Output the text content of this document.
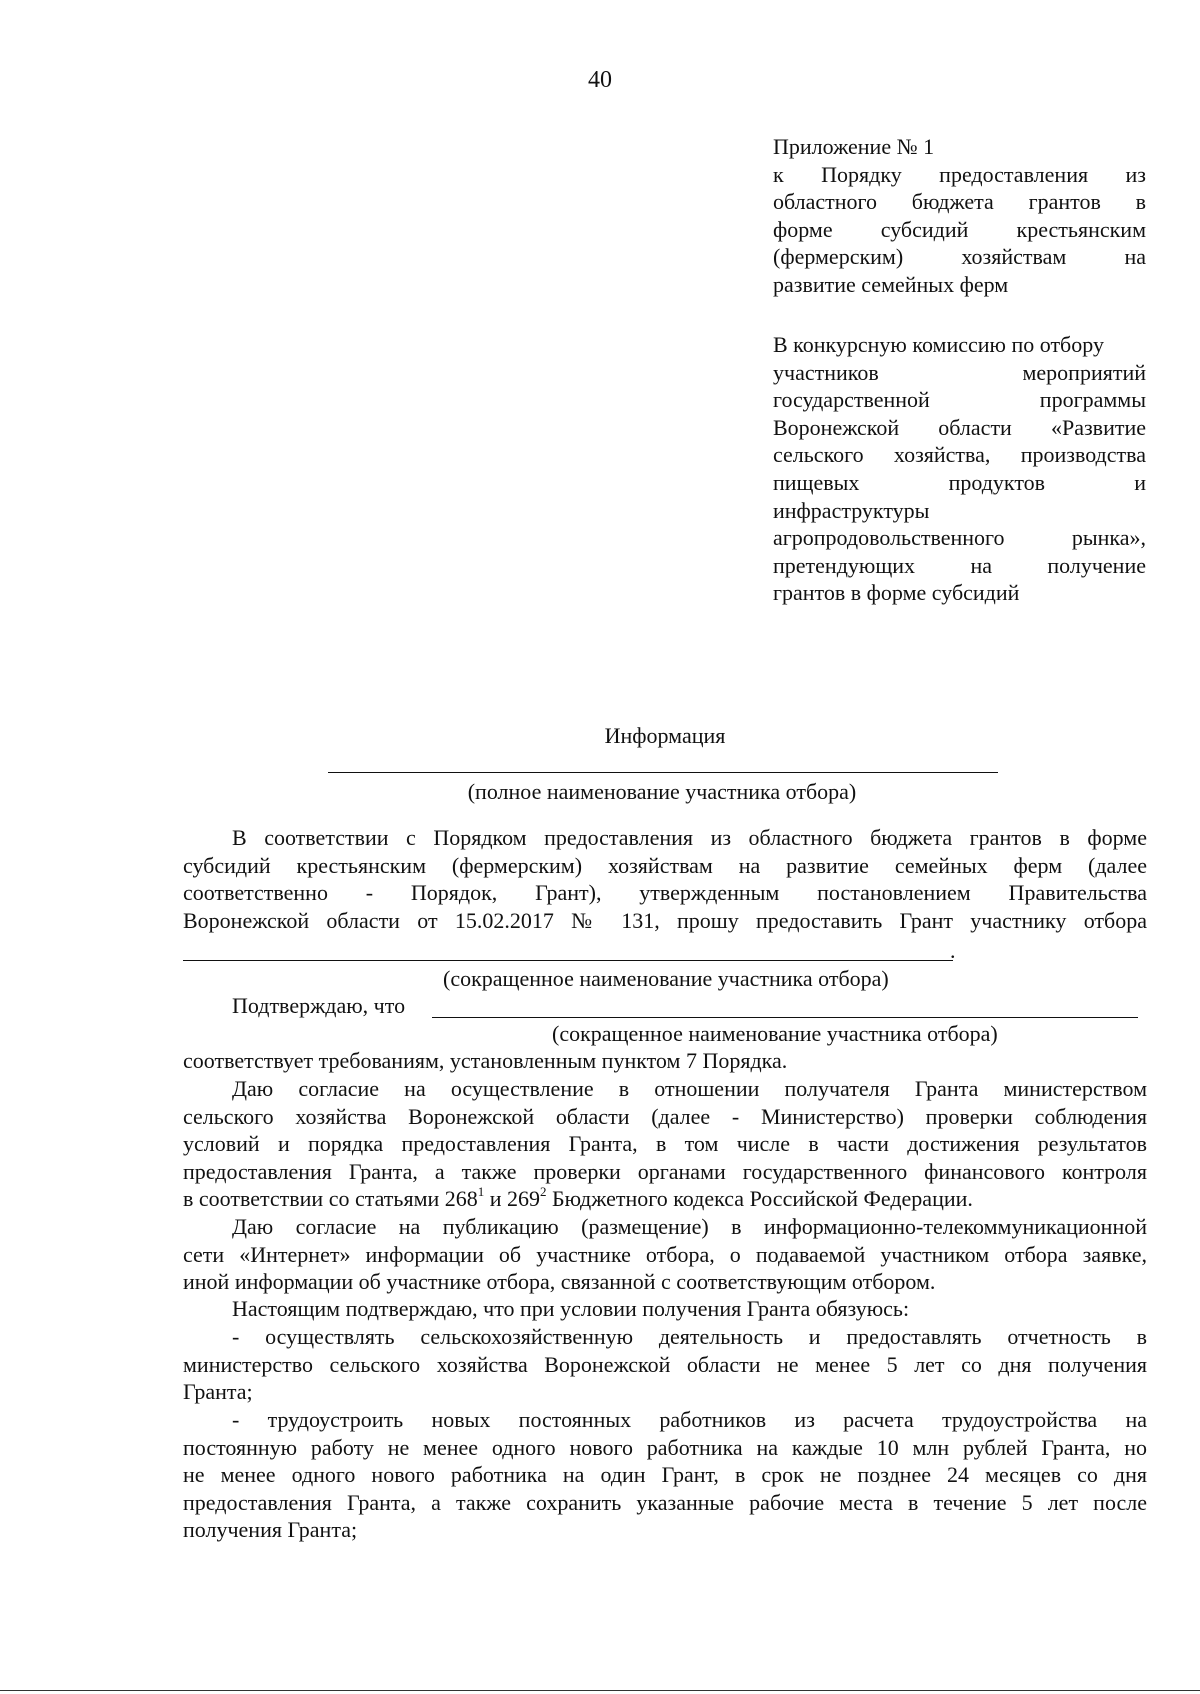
40
Приложение № 1
к Порядку предоставления из
областного бюджета грантов в
форме субсидий крестьянским
(фермерским) хозяйствам на
развитие семейных ферм
В конкурсную комиссию по отбору
участников мероприятий
государственной программы
Воронежской области «Развитие
сельского хозяйства, производства
пищевых продуктов и
инфраструктуры
агропродовольственного рынка»,
претендующих на получение
грантов в форме субсидий
Информация
(полное наименование участника отбора)
В соответствии с Порядком предоставления из областного бюджета грантов в форме
субсидий крестьянским (фермерским) хозяйствам на развитие семейных ферм (далее
соответственно - Порядок, Грант), утвержденным постановлением Правительства
Воронежской области от 15.02.2017 № 131, прошу предоставить Грант участнику отбора
.
(сокращенное наименование участника отбора)
Подтверждаю, что
(сокращенное наименование участника отбора)
соответствует требованиям, установленным пунктом 7 Порядка.
Даю согласие на осуществление в отношении получателя Гранта министерством
сельского хозяйства Воронежской области (далее - Министерство) проверки соблюдения
условий и порядка предоставления Гранта, в том числе в части достижения результатов
предоставления Гранта, а также проверки органами государственного финансового контроля
в соответствии со статьями $268^1$ и $269^2$ Бюджетного кодекса Российской Федерации.
Даю согласие на публикацию (размещение) в информационно-телекоммуникационной
сети «Интернет» информации об участнике отбора, о подаваемой участником отбора заявке,
иной информации об участнике отбора, связанной с соответствующим отбором.
Настоящим подтверждаю, что при условии получения Гранта обязуюсь:
- осуществлять сельскохозяйственную деятельность и предоставлять отчетность в
министерство сельского хозяйства Воронежской области не менее 5 лет со дня получения
Гранта;
- трудоустроить новых постоянных работников из расчета трудоустройства на
постоянную работу не менее одного нового работника на каждые 10 млн рублей Гранта, но
не менее одного нового работника на один Грант, в срок не позднее 24 месяцев со дня
предоставления Гранта, а также сохранить указанные рабочие места в течение 5 лет после
получения Гранта;
